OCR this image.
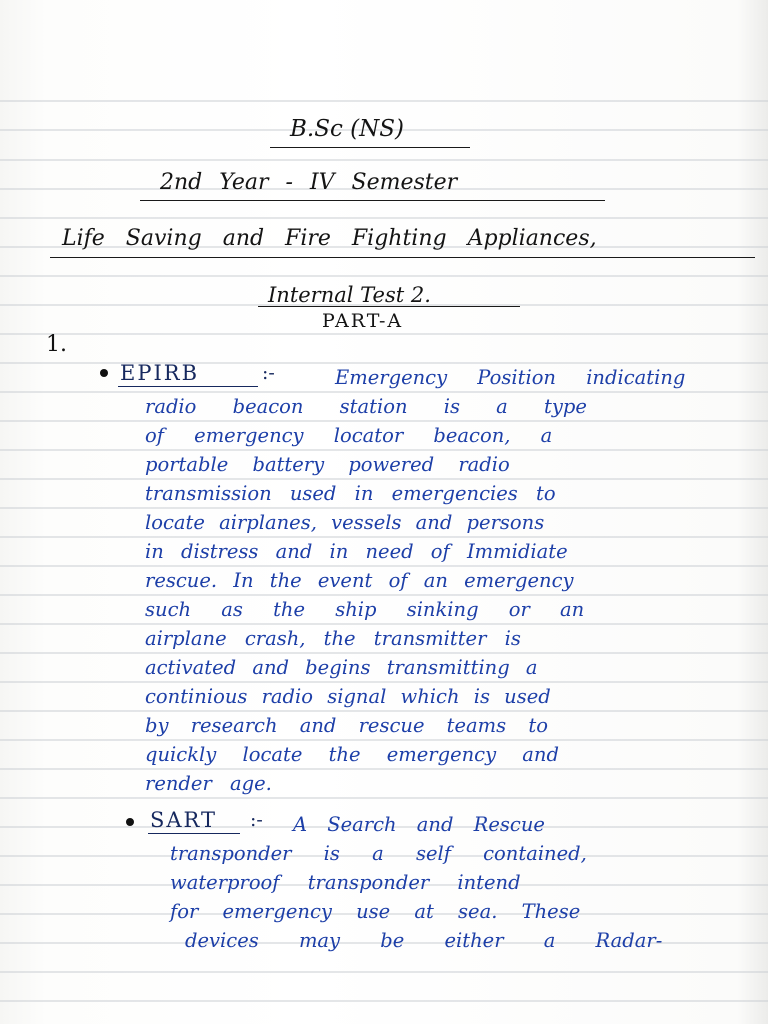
B.Sc (NS)
2nd Year - IV Semester
Life Saving and Fire Fighting Appliances,
Internal Test 2.
PART-A
1.
EPIRB	:-	Emergency Position indicating
radio beacon station is a type
of emergency locator beacon, a
portable battery powered radio
transmission used in emergencies to
locate airplanes, vessels and persons
in distress and in need of Immidiate
rescue. In the event of an emergency
such as the ship sinking or an
airplane crash, the transmitter is
activated and begins transmitting a
continious radio signal which is used
by research and rescue teams to
quickly locate the emergency and
render age.
SART :- A Search and Rescue
transponder is a self contained,
waterproof transponder intend
for emergency use at sea. These
devices may be either a Radar-
